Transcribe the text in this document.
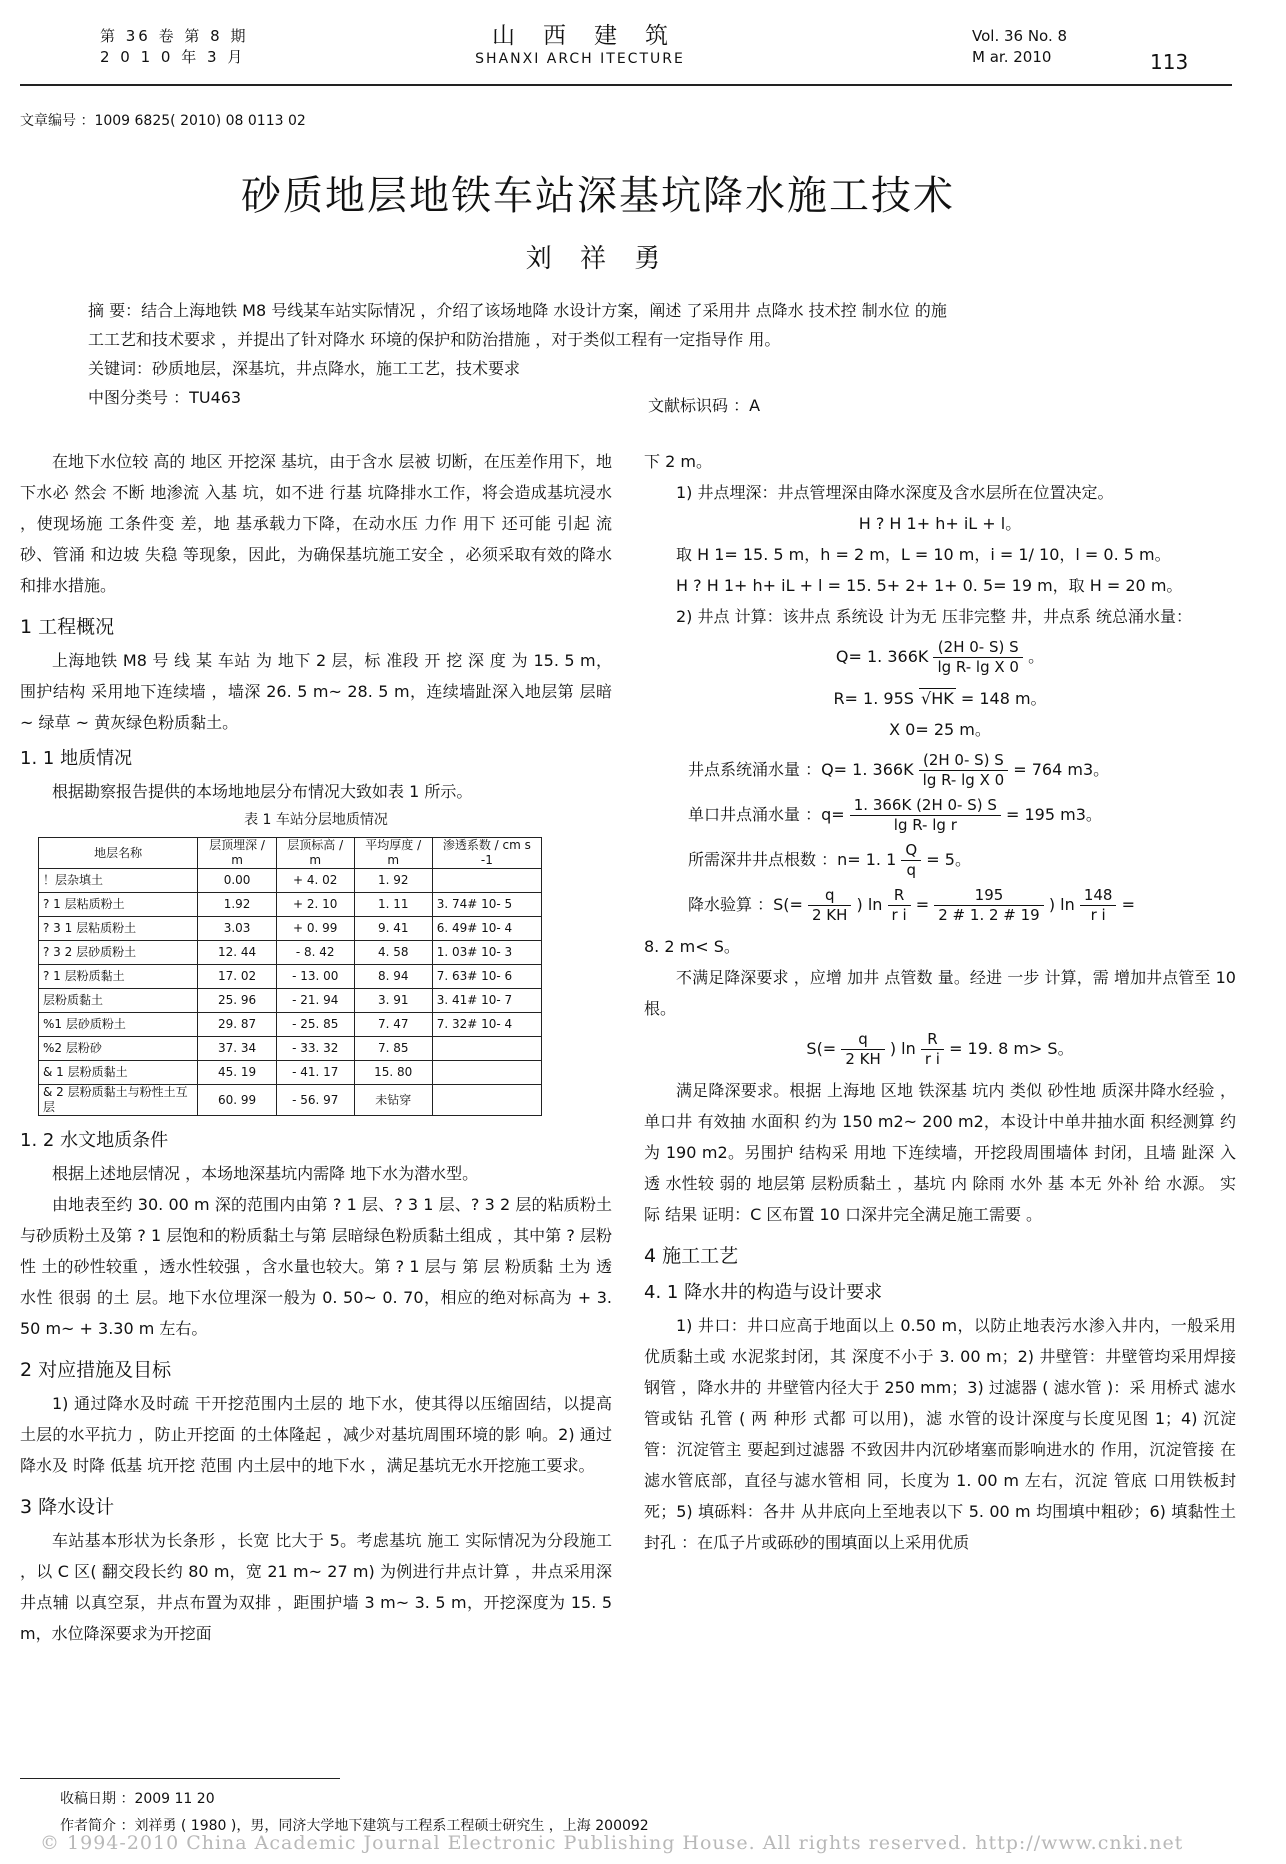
第 36 卷 第 8 期
2 0 1 0 年 3 月
山西建筑
SHANXI ARCH ITECTURE
Vol. 36 No. 8
M ar. 2010	113
文章编号 ：1009 6825( 2010) 08 0113 02
砂质地层地铁车站深基坑降水施工技术
刘 祥 勇
摘 要：结合上海地铁 M8 号线某车站实际情况 ，介绍了该场地降 水设计方案，阐述 了采用井 点降水 技术控 制水位 的施
工工艺和技术要求 ，并提出了针对降水 环境的保护和防治措施 ，对于类似工程有一定指导作 用。
关键词：砂质地层，深基坑，井点降水，施工工艺，技术要求
中图分类号 ：TU463	文献标识码 ：A

在地下水位较 高的 地区 开挖深 基坑，由于含水 层被 切断，在压差作用下，地下水必 然会 不断 地渗流 入基 坑，如不进 行基 坑降排水工作，将会造成基坑浸水 ，使现场施 工条件变 差，地 基承载力下降，在动水压 力作 用下 还可能 引起 流砂、管涌 和边坡 失稳 等现象，因此，为确保基坑施工安全 ，必须采取有效的降水和排水措施。

1 工程概况

上海地铁 M8 号 线 某 车站 为 地下 2 层，标 准段 开 挖 深 度 为 15. 5 m，围护结构 采用地下连续墙 ，墙深 26. 5 m~ 28. 5 m，连续墙趾深入地层第 层暗 ~ 绿草 ~ 黄灰绿色粉质黏土。

1. 1 地质情况

根据勘察报告提供的本场地地层分布情况大致如表 1 所示。

表 1 车站分层地质情况
地层名称	层顶埋深 / m	层顶标高 / m	平均厚度 / m	渗透系数 / cm s -1
！层杂填土	0.00	+ 4. 02	1. 92	
? 1 层粘质粉土	1.92	+ 2. 10	1. 11	3. 74# 10- 5
? 3 1 层粘质粉土	3.03	+ 0. 99	9. 41	6. 49# 10- 4
? 3 2 层砂质粉土	12. 44	- 8. 42	4. 58	1. 03# 10- 3
? 1 层粉质黏土	17. 02	- 13. 00	8. 94	7. 63# 10- 6
层粉质黏土	25. 96	- 21. 94	3. 91	3. 41# 10- 7
%1 层砂质粉土	29. 87	- 25. 85	7. 47	7. 32# 10- 4
%2 层粉砂	37. 34	- 33. 32	7. 85	
& 1 层粉质黏土	45. 19	- 41. 17	15. 80	
& 2 层粉质黏土与粉性土互层	60. 99	- 56. 97	未钻穿	
1. 2 水文地质条件

根据上述地层情况 ，本场地深基坑内需降 地下水为潜水型。

由地表至约 30. 00 m 深的范围内由第 ? 1 层、? 3 1 层、? 3 2 层的粘质粉土与砂质粉土及第 ? 1 层饱和的粉质黏土与第 层暗绿色粉质黏土组成 ，其中第 ? 层粉性 土的砂性较重 ，透水性较强 ，含水量也较大。第 ? 1 层与 第 层 粉质黏 土为 透水性 很弱 的土 层。地下水位埋深一般为 0. 50~ 0. 70，相应的绝对标高为 + 3. 50 m~ + 3.30 m 左右。

2 对应措施及目标

1) 通过降水及时疏 干开挖范围内土层的 地下水，使其得以压缩固结，以提高 土层的水平抗力 ，防止开挖面 的土体隆起 ，减少对基坑周围环境的影 响。2) 通过 降水及 时降 低基 坑开挖 范围 内土层中的地下水 ，满足基坑无水开挖施工要求。

3 降水设计

车站基本形状为长条形 ，长宽 比大于 5。考虑基坑 施工 实际情况为分段施工 ，以 C 区( 翻交段长约 80 m，宽 21 m~ 27 m) 为例进行井点计算 ，井点采用深井点辅 以真空泵，井点布置为双排 ，距围护墙 3 m~ 3. 5 m，开挖深度为 15. 5 m，水位降深要求为开挖面

下 2 m。

1) 井点埋深：井点管埋深由降水深度及含水层所在位置决定。

H ? H 1+ h+ iL + l。

取 H 1= 15. 5 m，h = 2 m，L = 10 m，i = 1/ 10，l = 0. 5 m。

H ? H 1+ h+ iL + l = 15. 5+ 2+ 1+ 0. 5= 19 m，取 H = 20 m。

2) 井点 计算：该井点 系统设 计为无 压非完整 井，井点系 统总涌水量：

Q= 1. $366K \frac{(2H 0- S) S}{\text{lg R- lg X 0}}$ 。
R= 1. 95S √HK = 148 m。
X 0= 25 m。
井点系统涌水量 ：Q= 1. $366K \frac{(2H 0- S) S}{\text{lg R- lg X 0}} = 764$ m3。
单口井点涌水量 ：$q= \frac{1. 366K (2H 0- S) S}{\text{lg R- lg r}} = 195$ m3。
所需深井井点根数 ：n= 1. $1 \frac{Q}{q} = 5$。
降水验算 ：$S(= \frac{q}{2 KH}$ ) $\ln \frac{R}{\text{r i}} = \frac{195}{2 \# 1. 2 \# 19}$ ) $\ln \frac{148}{\text{r i}}$ =

8. 2 m< S。

不满足降深要求 ，应增 加井 点管数 量。经进 一步 计算，需 增加井点管至 10 根。

$S(= \frac{q}{2 KH}$ ) $\ln \frac{R}{\text{r i}} = 19$. 8 m> S。

满足降深要求。根据 上海地 区地 铁深基 坑内 类似 砂性地 质深井降水经验 ，单口井 有效抽 水面积 约为 150 m2~ 200 m2，本设计中单井抽水面 积经测算 约为 190 m2。另围护 结构采 用地 下连续墙，开挖段周围墙体 封闭，且墙 趾深 入透 水性较 弱的 地层第 层粉质黏土 ，基坑 内 除雨 水外 基 本无 外补 给 水源。 实际 结果 证明：C 区布置 10 口深井完全满足施工需要 。

4 施工工艺
4. 1 降水井的构造与设计要求

1) 井口：井口应高于地面以上 0.50 m，以防止地表污水渗入井内，一般采用优质黏土或 水泥浆封闭，其 深度不小于 3. 00 m；2) 井壁管：井壁管均采用焊接钢管 ，降水井的 井壁管内径大于 250 mm；3) 过滤器 ( 滤水管 )：采 用桥式 滤水 管或钻 孔管 ( 两 种形 式都 可以用)，滤 水管的设计深度与长度见图 1；4) 沉淀管：沉淀管主 要起到过滤器 不致因井内沉砂堵塞而影响进水的 作用，沉淀管接 在滤水管底部，直径与滤水管相 同，长度为 1. 00 m 左右，沉淀 管底 口用铁板封 死；5) 填砾料：各井 从井底向上至地表以下 5. 00 m 均围填中粗砂；6) 填黏性土封孔 ：在瓜子片或砾砂的围填面以上采用优质

收稿日期 ：2009 11 20
作者简介 ：刘祥勇 ( 1980 )，男，同济大学地下建筑与工程系工程硕士研究生 ，上海 200092
© 1994-2010 China Academic Journal Electronic Publishing House. All rights reserved. http://www.cnki.net
